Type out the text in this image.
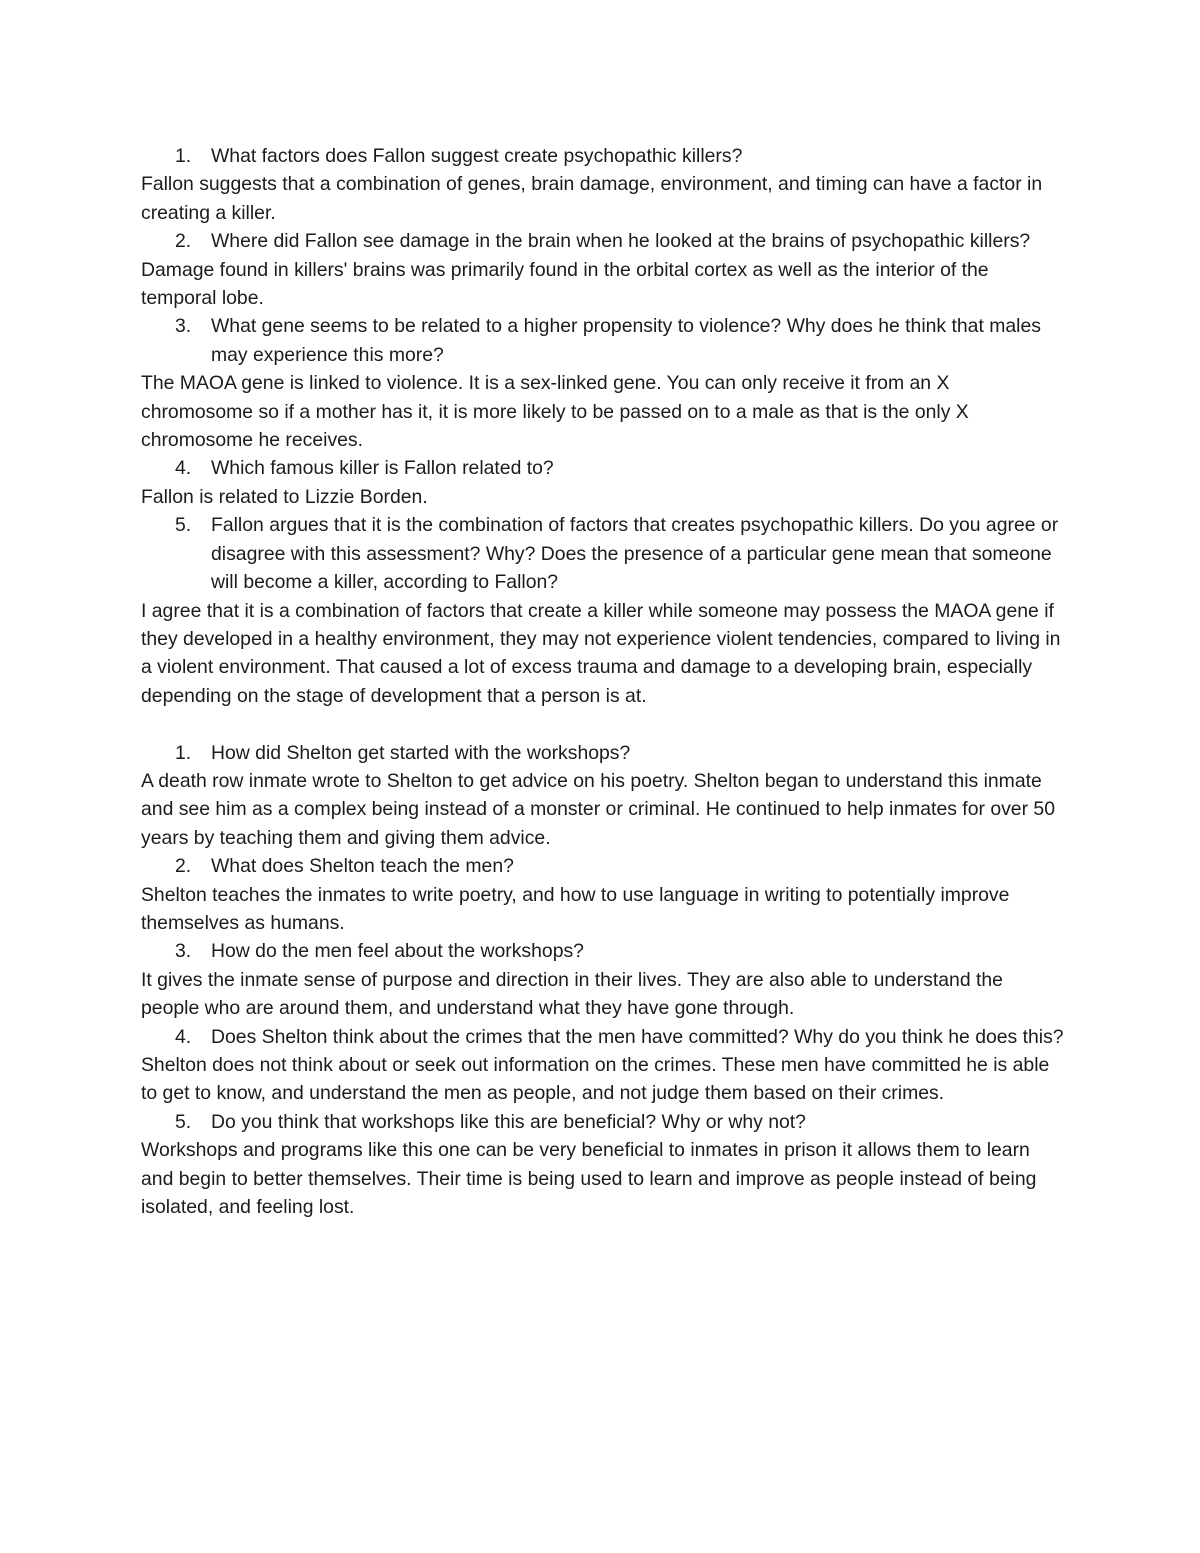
1. What factors does Fallon suggest create psychopathic killers?

Fallon suggests that a combination of genes, brain damage, environment, and timing can have a factor in creating a killer.

2. Where did Fallon see damage in the brain when he looked at the brains of psychopathic killers?

Damage found in killers' brains was primarily found in the orbital cortex as well as the interior of the temporal lobe.

3. What gene seems to be related to a higher propensity to violence? Why does he think that males may experience this more?

The MAOA gene is linked to violence. It is a sex-linked gene. You can only receive it from an X chromosome so if a mother has it, it is more likely to be passed on to a male as that is the only X chromosome he receives.

4. Which famous killer is Fallon related to?

Fallon is related to Lizzie Borden.

5. Fallon argues that it is the combination of factors that creates psychopathic killers. Do you agree or disagree with this assessment? Why? Does the presence of a particular gene mean that someone will become a killer, according to Fallon?

I agree that it is a combination of factors that create a killer while someone may possess the MAOA gene if they developed in a healthy environment, they may not experience violent tendencies, compared to living in a violent environment. That caused a lot of excess trauma and damage to a developing brain, especially depending on the stage of development that a person is at.

1. How did Shelton get started with the workshops?

A death row inmate wrote to Shelton to get advice on his poetry. Shelton began to understand this inmate and see him as a complex being instead of a monster or criminal. He continued to help inmates for over 50 years by teaching them and giving them advice.

2. What does Shelton teach the men?

Shelton teaches the inmates to write poetry, and how to use language in writing to potentially improve themselves as humans.

3. How do the men feel about the workshops?

It gives the inmate sense of purpose and direction in their lives. They are also able to understand the people who are around them, and understand what they have gone through.

4. Does Shelton think about the crimes that the men have committed? Why do you think he does this?

Shelton does not think about or seek out information on the crimes. These men have committed he is able to get to know, and understand the men as people, and not judge them based on their crimes.

5. Do you think that workshops like this are beneficial? Why or why not?

Workshops and programs like this one can be very beneficial to inmates in prison it allows them to learn and begin to better themselves. Their time is being used to learn and improve as people instead of being isolated, and feeling lost.
